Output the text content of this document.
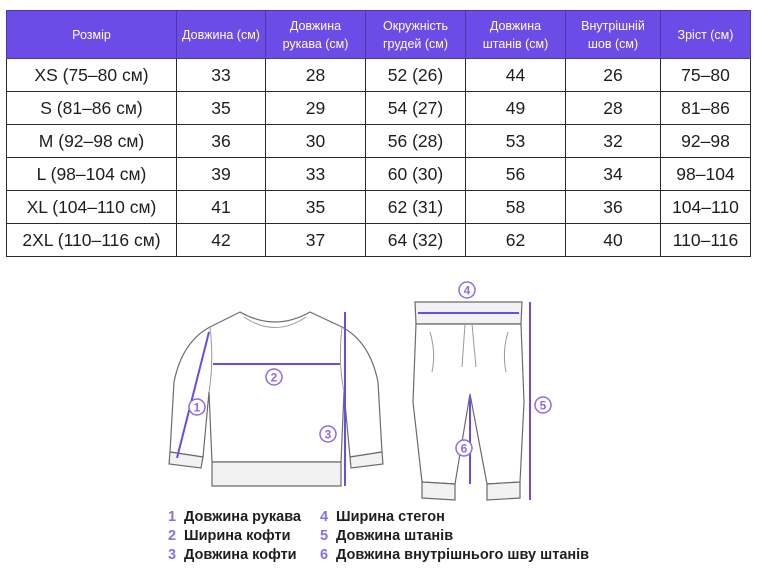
Розмір	Довжина (см)	Довжина рукава (см)	Окружність грудей (см)	Довжина штанів (см)	Внутрішній шов (см)	Зріст (см)
XS (75–80 см)	33	28	52 (26)	44	26	75–80
S (81–86 см)	35	29	54 (27)	49	28	81–86
M (92–98 см)	36	30	56 (28)	53	32	92–98
L (98–104 см)	39	33	60 (30)	56	34	98–104
XL (104–110 см)	41	35	62 (31)	58	36	104–110
2XL (110–116 см)	42	37	64 (32)	62	40	110–116
1
2
3
4
5
6
1 Довжина рукава
2 Ширина кофти
3 Довжина кофти
4 Ширина стегон
5 Довжина штанів
6 Довжина внутрішнього шву штанів
